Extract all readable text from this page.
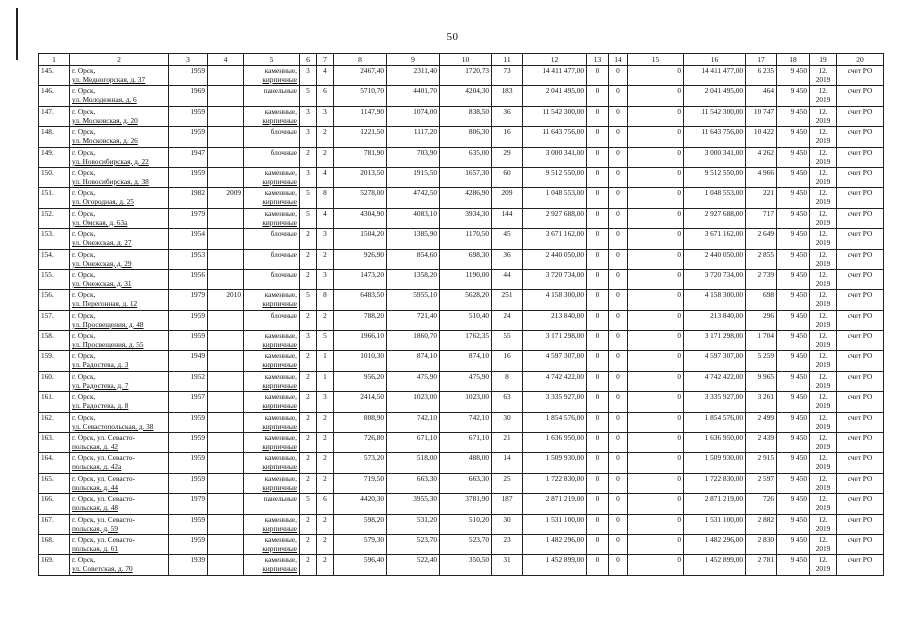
50
1	2	3	4	5	6	7	8	9	10	11	12	13	14	15	16	17	18	19	20
145.	г. Орск,
ул. Медногорская, д. 37	1959		каменные,
кирпичные	3	4	2467,40	2311,40	1720,73	73	14 411 477,00	0	0	0	14 411 477,00	6 235	9 450	12.
2019	счет РО
146.	г. Орск,
ул. Молодежная, д. 6	1969		панельные	5	6	5710,70	4401,70	4204,30	183	2 041 495,00	0	0	0	2 041 495,00	464	9 450	12.
2019	счет РО
147.	г. Орск,
ул. Московская, д. 20	1959		каменные,
кирпичные	3	3	1147,90	1074,00	838,50	36	11 542 300,00	0	0	0	11 542 300,00	10 747	9 450	12.
2019	счет РО
148.	г. Орск,
ул. Московская, д. 26	1959		блочные	3	2	1221,50	1117,20	806,30	16	11 643 756,00	0	0	0	11 643 756,00	10 422	9 450	12.
2019	счет РО
149.	г. Орск,
ул. Новосибирская, д. 22	1947		блочные	2	2	781,90	703,90	635,00	29	3 000 341,00	0	0	0	3 000 341,00	4 262	9 450	12.
2019	счет РО
150.	г. Орск,
ул. Новосибирская, д. 38	1959		каменные,
кирпичные	3	4	2013,50	1915,50	1657,30	60	9 512 550,00	0	0	0	9 512 550,00	4 966	9 450	12.
2019	счет РО
151.	г. Орск,
ул. Огородная, д. 25	1982	2009	каменные,
кирпичные	5	8	5278,00	4742,50	4286,90	209	1 048 553,00	0	0	0	1 048 553,00	221	9 450	12.
2019	счет РО
152.	г. Орск,
ул. Омская, д. 63а	1979		каменные,
кирпичные	5	4	4304,90	4083,10	3934,30	144	2 927 688,00	0	0	0	2 927 688,00	717	9 450	12.
2019	счет РО
153.	г. Орск,
ул. Онежская, д. 27	1954		блочные	2	3	1504,20	1385,90	1170,50	45	3 671 162,00	0	0	0	3 671 162,00	2 649	9 450	12.
2019	счет РО
154.	г. Орск,
ул. Онежская, д. 29	1953		блочные	2	2	926,90	854,60	698,30	36	2 440 050,00	0	0	0	2 440 050,00	2 855	9 450	12.
2019	счет РО
155.	г. Орск,
ул. Онежская, д. 31	1956		блочные	2	3	1473,20	1358,20	1190,00	44	3 720 734,00	0	0	0	3 720 734,00	2 739	9 450	12.
2019	счет РО
156.	г. Орск,
ул. Перегонная, д. 12	1979	2010	каменные,
кирпичные	5	8	6483,50	5955,10	5628,20	251	4 158 300,00	0	0	0	4 158 300,00	698	9 450	12.
2019	счет РО
157.	г. Орск,
ул. Просвещения, д. 48	1959		блочные	2	2	788,20	721,40	510,40	24	213 840,00	0	0	0	213 840,00	296	9 450	12.
2019	счет РО
158.	г. Орск,
ул. Просвещения, д. 55	1959		каменные,
кирпичные	3	5	1966,10	1860,70	1762,35	55	3 171 298,00	0	0	0	3 171 298,00	1 704	9 450	12.
2019	счет РО
159.	г. Орск,
ул. Радостева, д. 3	1949		каменные,
кирпичные	2	1	1010,30	874,10	874,10	16	4 597 307,00	0	0	0	4 597 307,00	5 259	9 450	12.
2019	счет РО
160.	г. Орск,
ул. Радостева, д. 7	1952		каменные,
кирпичные	2	1	956,20	475,90	475,90	8	4 742 422,00	0	0	0	4 742 422,00	9 965	9 450	12.
2019	счет РО
161.	г. Орск,
ул. Радостева, д. 8	1957		каменные,
кирпичные	2	3	2414,50	1023,00	1023,00	63	3 335 927,00	0	0	0	3 335 927,00	3 261	9 450	12.
2019	счет РО
162.	г. Орск,
ул. Севастопольская, д. 38	1959		каменные,
кирпичные	2	2	808,90	742,10	742,10	30	1 854 576,00	0	0	0	1 854 576,00	2 499	9 450	12.
2019	счет РО
163.	г. Орск, ул. Севасто-
польская, д. 42	1959		каменные,
кирпичные	2	2	726,80	671,10	671,10	21	1 636 950,00	0	0	0	1 636 950,00	2 439	9 450	12.
2019	счет РО
164.	г. Орск, ул. Севасто-
польская, д. 42а	1959		каменные,
кирпичные	2	2	573,20	518,00	488,00	14	1 509 930,00	0	0	0	1 509 930,00	2 915	9 450	12.
2019	счет РО
165.	г. Орск, ул. Севасто-
польская, д. 44	1959		каменные,
кирпичные	2	2	719,50	663,30	663,30	25	1 722 830,00	0	0	0	1 722 830,00	2 597	9 450	12.
2019	счет РО
166.	г. Орск, ул. Севасто-
польская, д. 48	1979		панельные	5	6	4420,30	3955,30	3781,90	187	2 871 219,00	0	0	0	2 871 219,00	726	9 450	12.
2019	счет РО
167.	г. Орск, ул. Севасто-
польская, д. 59	1959		каменные,
кирпичные	2	2	598,20	531,20	510,20	30	1 531 100,00	0	0	0	1 531 100,00	2 882	9 450	12.
2019	счет РО
168.	г. Орск, ул. Севасто-
польская, д. 61	1959		каменные,
кирпичные	2	2	579,30	523,70	523,70	23	1 482 296,00	0	0	0	1 482 296,00	2 830	9 450	12.
2019	счет РО
169.	г. Орск,
ул. Советская, д. 70	1939		каменные,
кирпичные	2	2	596,40	522,40	350,50	31	1 452 899,00	0	0	0	1 452 899,00	2 781	9 450	12.
2019	счет РО
